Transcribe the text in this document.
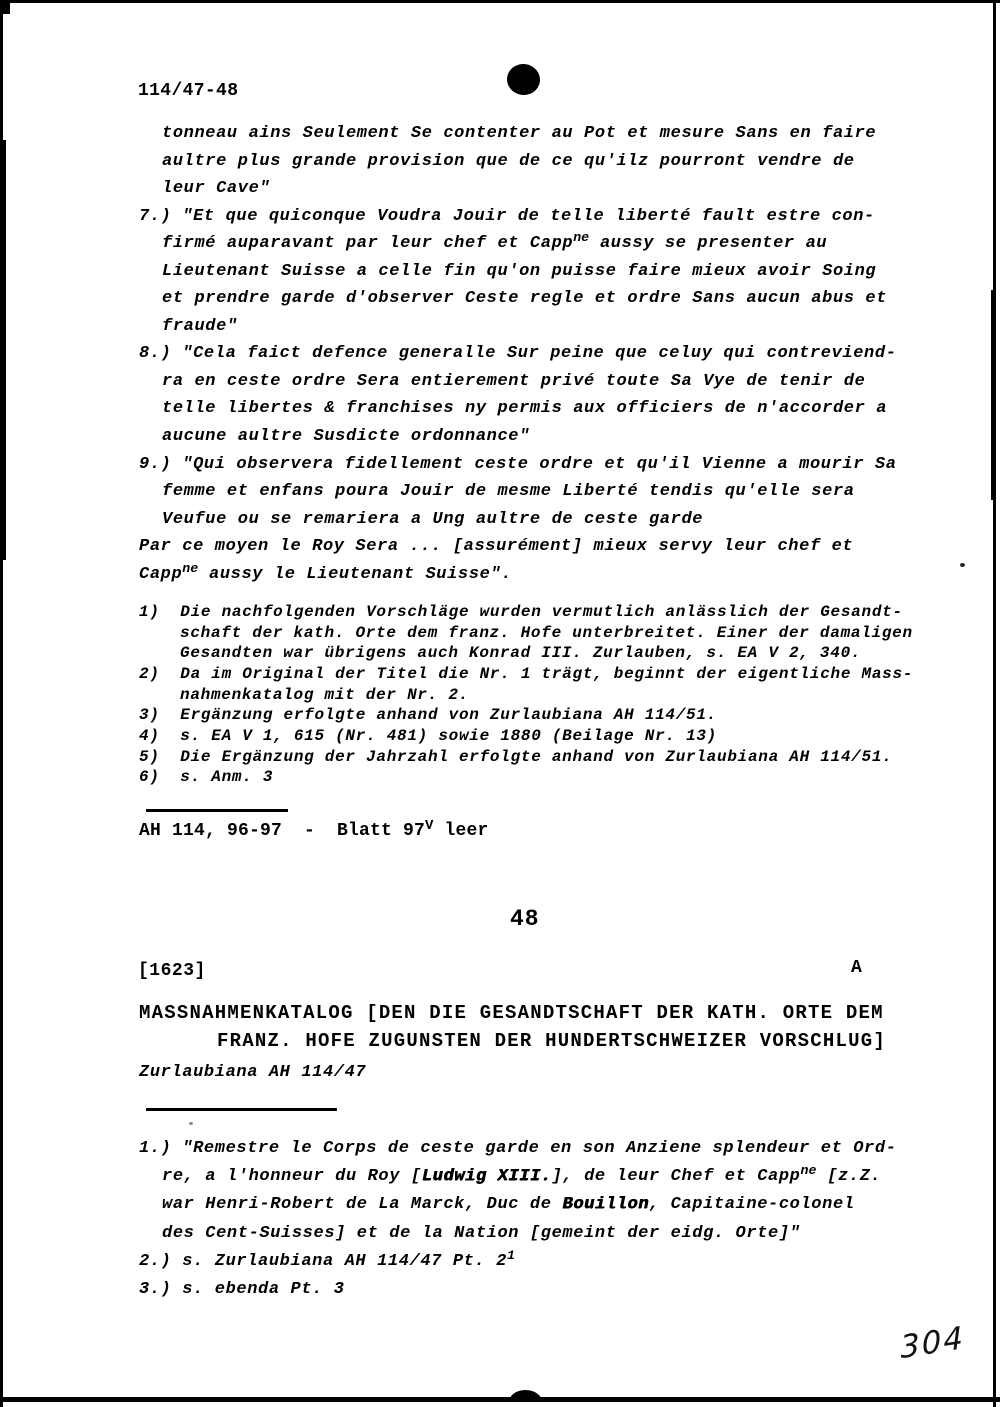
114/47-48
tonneau ains Seulement Se contenter au Pot et mesure Sans en faire
aultre plus grande provision que de ce qu'ilz pourront vendre de
leur Cave"
7.) "Et que quiconque Voudra Jouir de telle liberté fault estre con-
firmé auparavant par leur chef et Capp$^{ne}$ aussy se presenter au
Lieutenant Suisse a celle fin qu'on puisse faire mieux avoir Soing
et prendre garde d'observer Ceste regle et ordre Sans aucun abus et
fraude"
8.) "Cela faict defence generalle Sur peine que celuy qui contreviend-
ra en ceste ordre Sera entierement privé toute Sa Vye de tenir de
telle libertes & franchises ny permis aux officiers de n'accorder a
aucune aultre Susdicte ordonnance"
9.) "Qui observera fidellement ceste ordre et qu'il Vienne a mourir Sa
femme et enfans poura Jouir de mesme Liberté tendis qu'elle sera
Veufue ou se remariera a Ung aultre de ceste garde
Par ce moyen le Roy Sera ... [assurément] mieux servy leur chef et
Capp$^{ne}$ aussy le Lieutenant Suisse".
1)  Die nachfolgenden Vorschläge wurden vermutlich anlässlich der Gesandt-
schaft der kath. Orte dem franz. Hofe unterbreitet. Einer der damaligen
Gesandten war übrigens auch Konrad III. Zurlauben, s. EA V 2, 340.
2)  Da im Original der Titel die Nr. 1 trägt, beginnt der eigentliche Mass-
nahmenkatalog mit der Nr. 2.
3)  Ergänzung erfolgte anhand von Zurlaubiana AH 114/51.
4)  s. EA V 1, 615 (Nr. 481) sowie 1880 (Beilage Nr. 13)
5)  Die Ergänzung der Jahrzahl erfolgte anhand von Zurlaubiana AH 114/51.
6)  s. Anm. 3
AH 114, 96-97  -  Blatt $97^V$ leer
48
[1623]	A
MASSNAHMENKATALOG [DEN DIE GESANDTSCHAFT DER KATH. ORTE DEM
FRANZ. HOFE ZUGUNSTEN DER HUNDERTSCHWEIZER VORSCHLUG]
Zurlaubiana AH 114/47
1.) "Remestre le Corps de ceste garde en son Anziene splendeur et Ord-
re, a l'honneur du Roy [Ludwig XIII.], de leur Chef et Capp$^{ne}$ [z.Z.
war Henri-Robert de La Marck, Duc de Bouillon, Capitaine-colonel
des Cent-Suisses] et de la Nation [gemeint der eidg. Orte]"
2.) s. Zurlaubiana AH 114/47 Pt. $2^1$
3.) s. ebenda Pt. 3
304
